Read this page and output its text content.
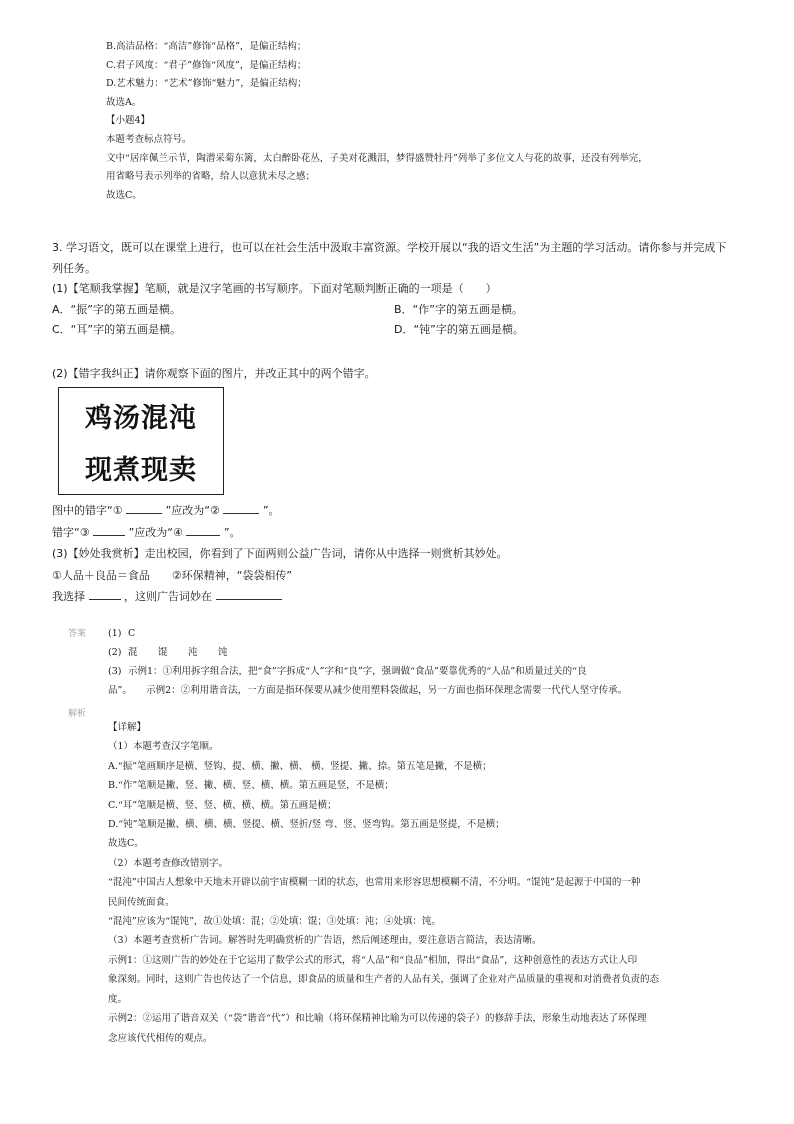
B.高洁品格：“高洁”修饰“品格”，是偏正结构；
C.君子风度：“君子”修饰“风度”，是偏正结构；
D.艺术魅力：“艺术”修饰“魅力”，是偏正结构；
故选A。
【小题4】
本题考查标点符号。
文中“居庠佩兰示节，陶潜采菊东篱，太白醉卧花丛，子美对花溅泪，梦得盛赞牡丹”列举了多位文人与花的故事，还没有列举完，
用省略号表示列举的省略，给人以意犹未尽之感；
故选C。
3. 学习语文，既可以在课堂上进行，也可以在社会生活中汲取丰富资源。学校开展以“我的语文生活”为主题的学习活动。请你参与并完成下
列任务。
(1)【笔顺我掌握】笔顺，就是汉字笔画的书写顺序。下面对笔顺判断正确的一项是（　　）
A．“振”字的第五画是横。	B．“作”字的第五画是横。
C．“耳”字的第五画是横。	D．“钝”字的第五画是横。
(2)【错字我纠正】请你观察下面的图片，并改正其中的两个错字。
鸡汤混沌
现煮现卖
图中的错字“①	”应改为“②	”。
错字“③	”应改为“④	”。
(3)【妙处我赏析】走出校园，你看到了下面两则公益广告词，请你从中选择一则赏析其妙处。
①人品＋良品＝食品　　②环保精神，“袋袋相传”
我选择	，这则广告词妙在
答案 (1) C
(2) 混 馄 沌 饨
(3) 示例1：①利用拆字组合法，把“食”字拆成“人”字和“良”字，强调做“食品”要靠优秀的“人品”和质量过关的“良
品”。　　示例2：②利用谐音法，一方面是指环保要从减少使用塑料袋做起，另一方面也指环保理念需要一代代人坚守传承。
解析
【详解】
（1）本题考查汉字笔顺。
A.“振”笔画顺序是横、竖钩、提、横、撇、横、 横、竖提、撇、捺。第五笔是撇，不是横；
B.“作”笔顺是撇、竖、撇、横、竖、横、横。第五画是竖，不是横；
C.“耳”笔顺是横、竖、竖、横、横、横。第五画是横；
D.“钝”笔顺是撇、横、横、横、竖提、横、竖折/竖 弯、竖、竖弯钩。第五画是竖提，不是横；
故选C。
（2）本题考查修改错别字。
“混沌”中国古人想象中天地未开辟以前宇宙模糊一团的状态，也常用来形容思想模糊不清，不分明。“馄饨”是起源于中国的一种
民间传统面食。
“混沌”应该为“馄饨”，故①处填：混；②处填：馄；③处填：沌；④处填：饨。
（3）本题考查赏析广告词。解答时先明确赏析的广告语，然后阐述理由，要注意语言简洁，表达清晰。
示例1：①这则广告的妙处在于它运用了数学公式的形式，将“人品”和“良品”相加，得出“食品”，这种创意性的表达方式让人印
象深刻。同时，这则广告也传达了一个信息，即食品的质量和生产者的人品有关，强调了企业对产品质量的重视和对消费者负责的态
度。
示例2：②运用了谐音双关（“袋”谐音“代”）和比喻（将环保精神比喻为可以传递的袋子）的修辞手法，形象生动地表达了环保理
念应该代代相传的观点。
